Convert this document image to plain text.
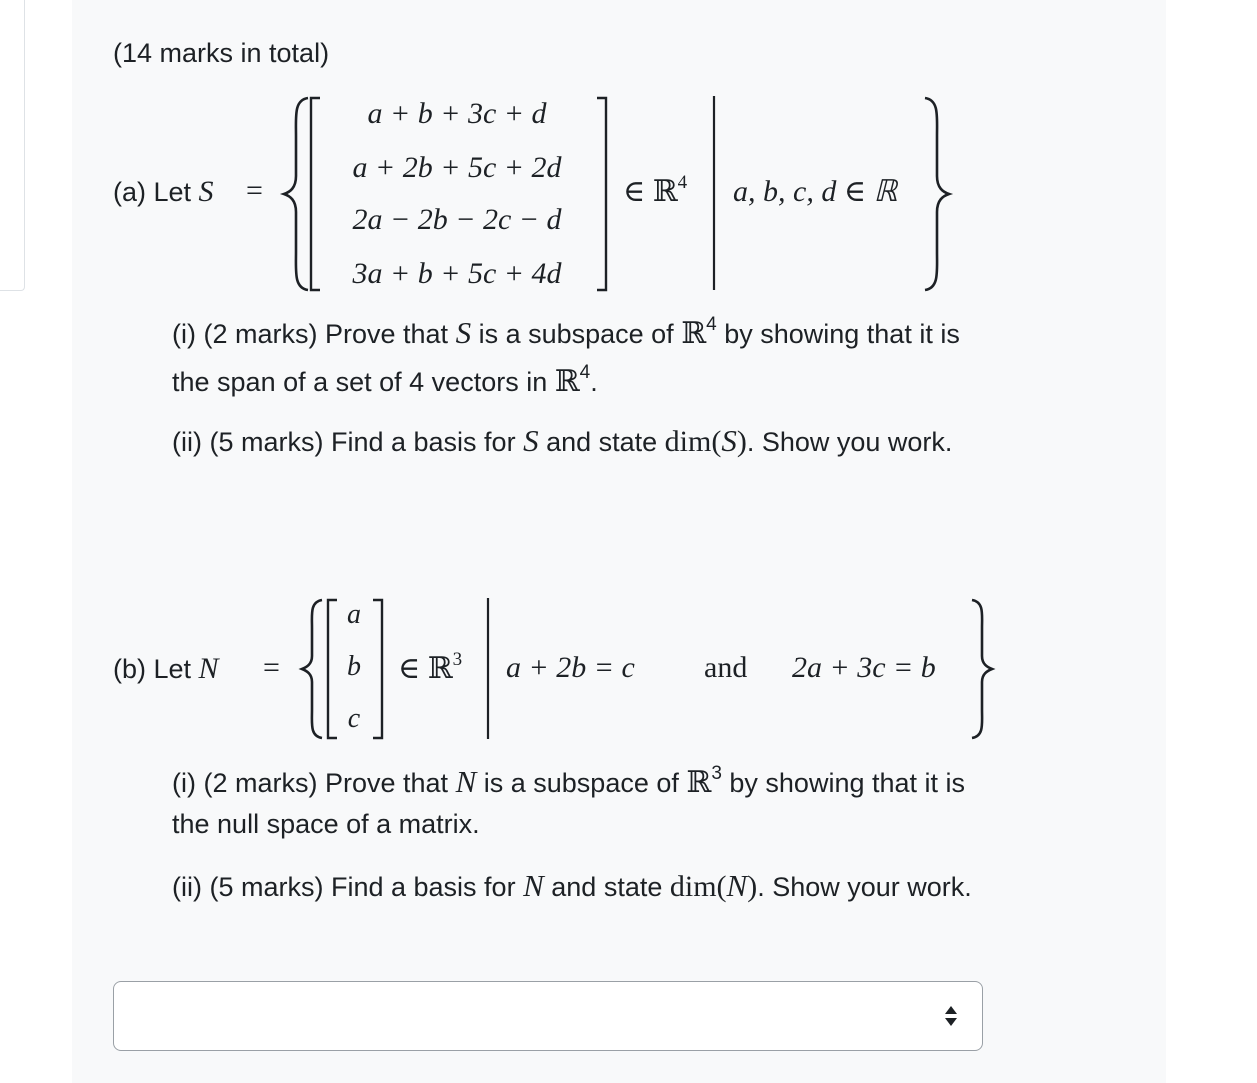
(14 marks in total)
(a) Let S =
a + b + 3c + d
a + 2b + 5c + 2d
2a − 2b − 2c − d
3a + b + 5c + 4d
∈ ℝ$^4$ a, b, c, d ∈ ℝ
(i) (2 marks) Prove that S is a subspace of ℝ$^4$ by showing that it is
the span of a set of 4 vectors in ℝ$^4$.
(ii) (5 marks) Find a basis for S and state dim(S). Show you work.
(b) Let N =
a
b
c
∈ ℝ$^3$ a + 2b = c and 2a + 3c = b
(i) (2 marks) Prove that N is a subspace of ℝ$^3$ by showing that it is
the null space of a matrix.
(ii) (5 marks) Find a basis for N and state dim(N). Show your work.
